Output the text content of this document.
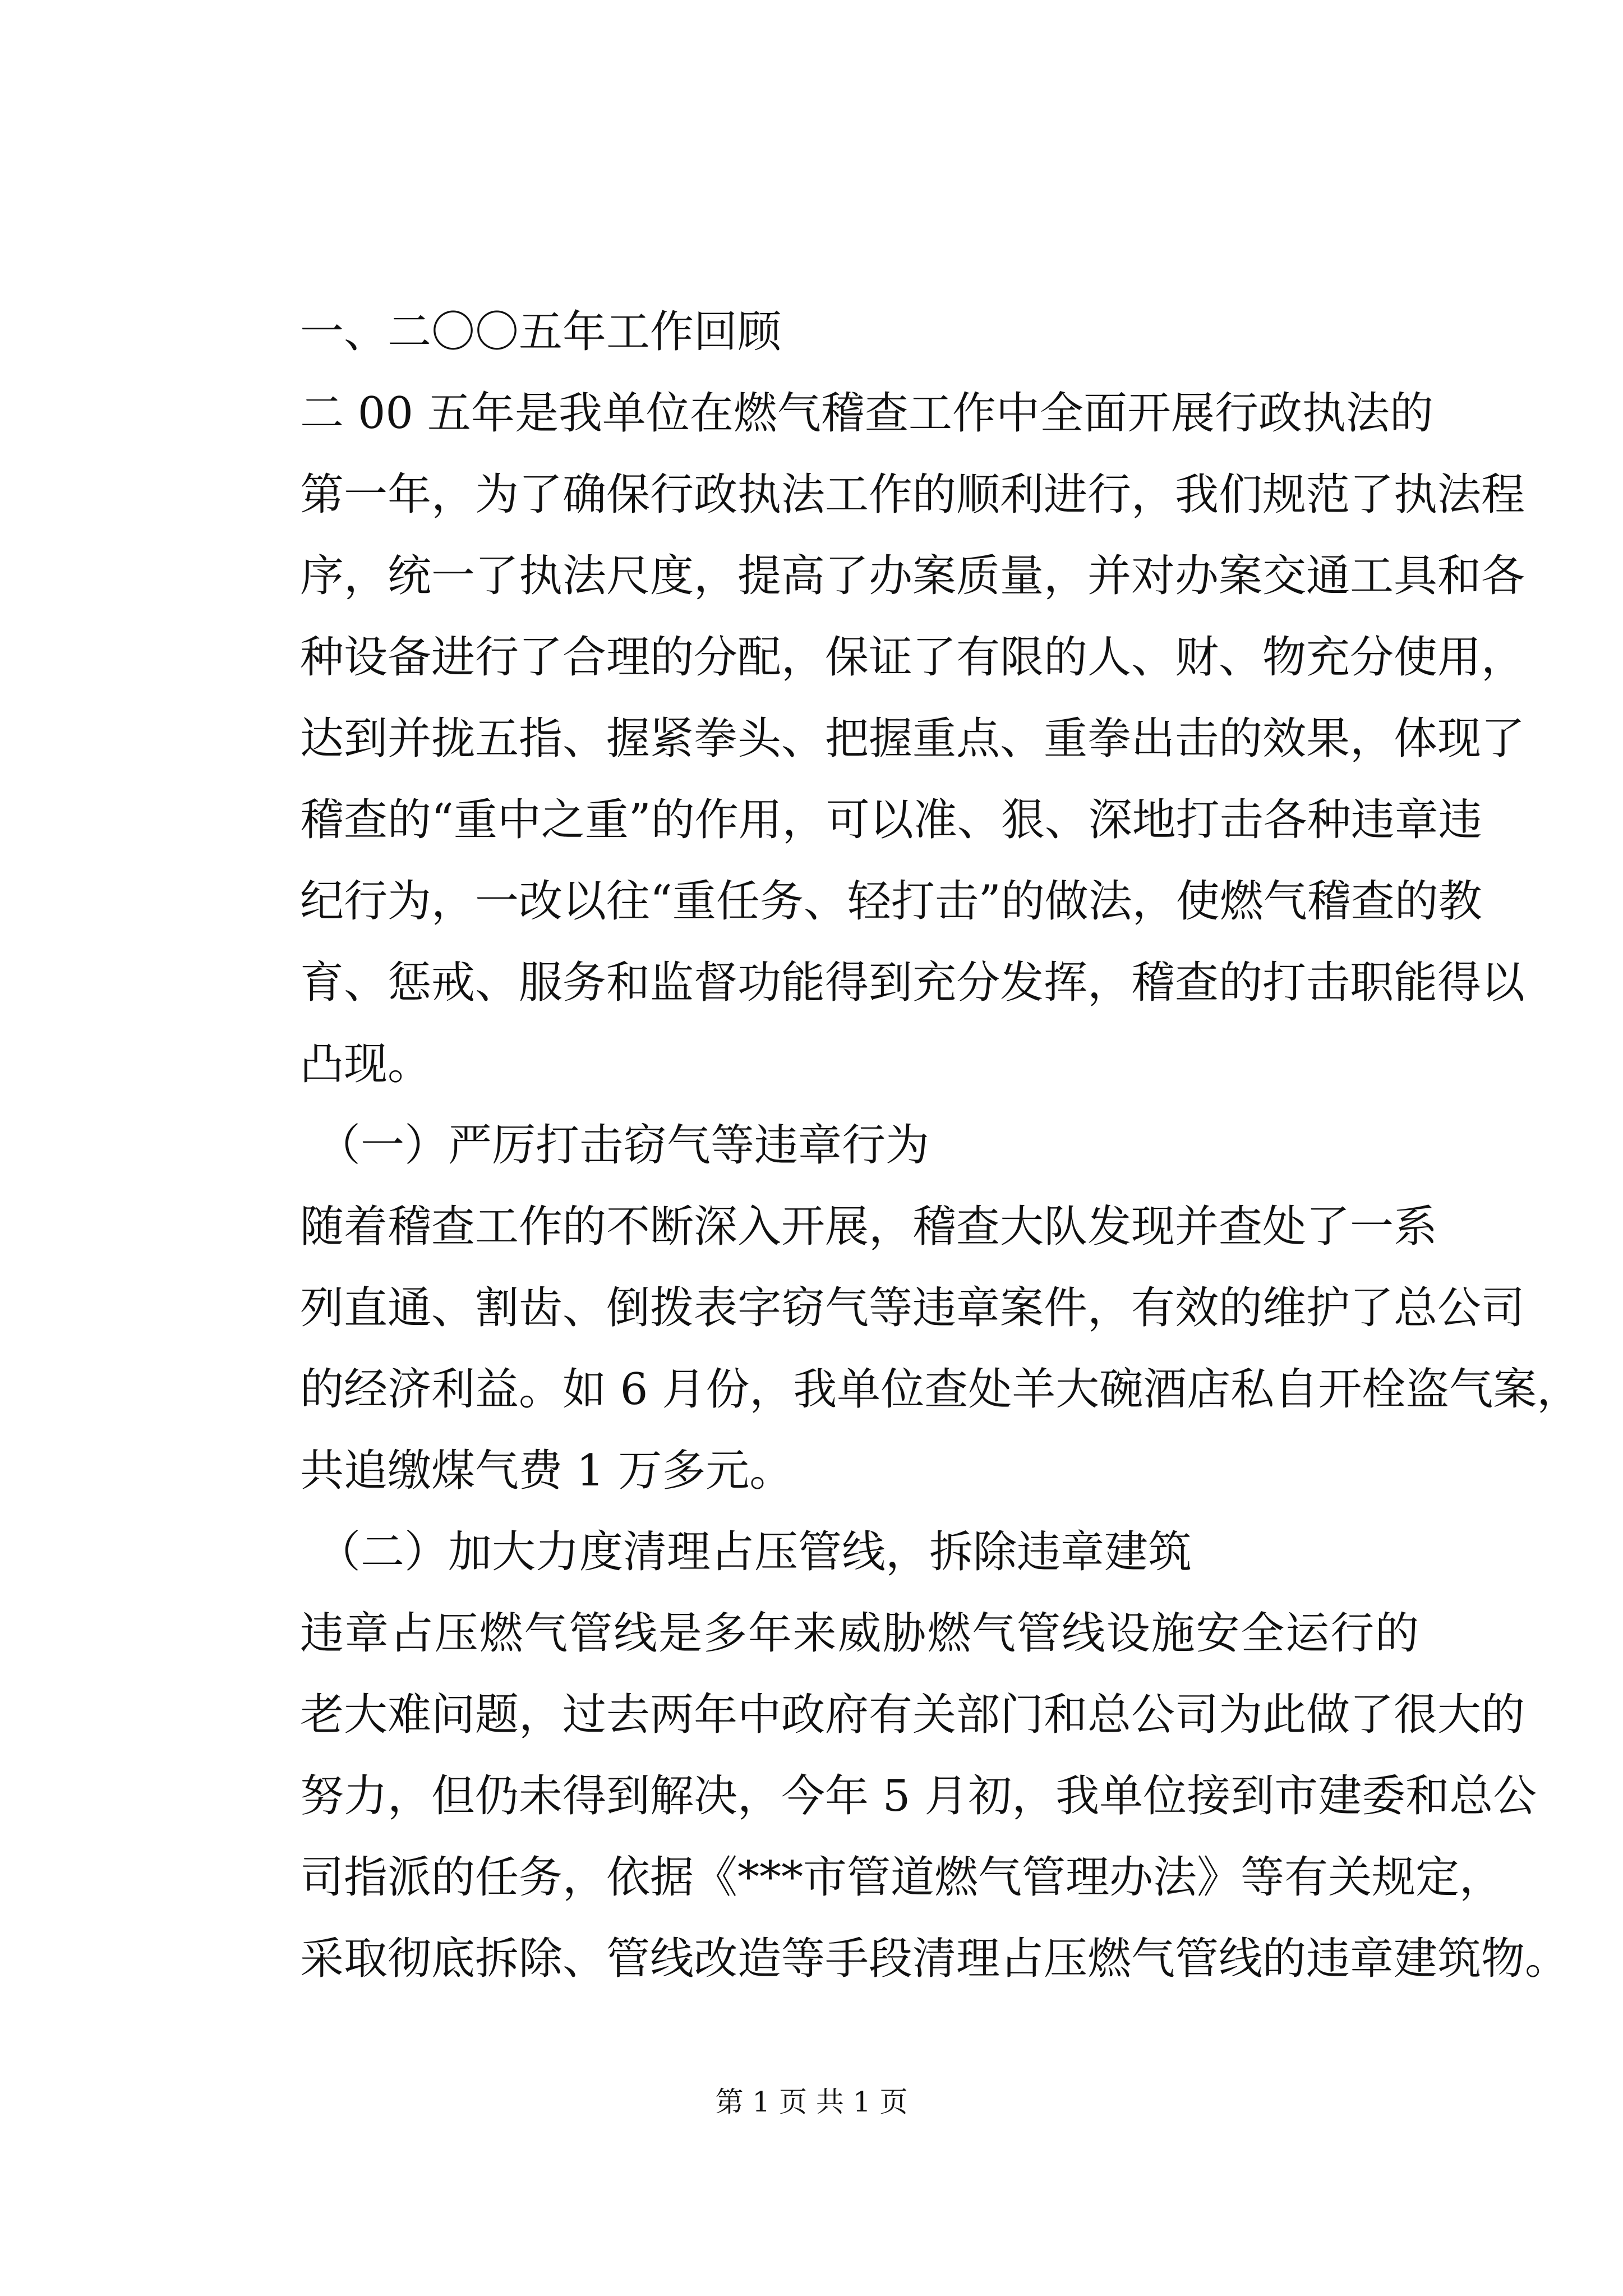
一、二〇〇五年工作回顾

二 00 五年是我单位在燃气稽查工作中全面开展行政执法的

第一年，为了确保行政执法工作的顺利进行，我们规范了执法程

序，统一了执法尺度，提高了办案质量，并对办案交通工具和各

种设备进行了合理的分配，保证了有限的人、财、物充分使用，

达到并拢五指、握紧拳头、把握重点、重拳出击的效果，体现了

稽查的“重中之重”的作用，可以准、狠、深地打击各种违章违

纪行为，一改以往“重任务、轻打击”的做法，使燃气稽查的教

育、惩戒、服务和监督功能得到充分发挥，稽查的打击职能得以

凸现。

（一）严厉打击窃气等违章行为

随着稽查工作的不断深入开展，稽查大队发现并查处了一系

列直通、割齿、倒拨表字窃气等违章案件，有效的维护了总公司

的经济利益。如 6 月份，我单位查处羊大碗酒店私自开栓盗气案，

共追缴煤气费 1 万多元。

（二）加大力度清理占压管线，拆除违章建筑

违章占压燃气管线是多年来威胁燃气管线设施安全运行的

老大难问题，过去两年中政府有关部门和总公司为此做了很大的

努力，但仍未得到解决，今年 5 月初，我单位接到市建委和总公

司指派的任务，依据《***市管道燃气管理办法》等有关规定，

采取彻底拆除、管线改造等手段清理占压燃气管线的违章建筑物。

第 1 页 共 1 页
